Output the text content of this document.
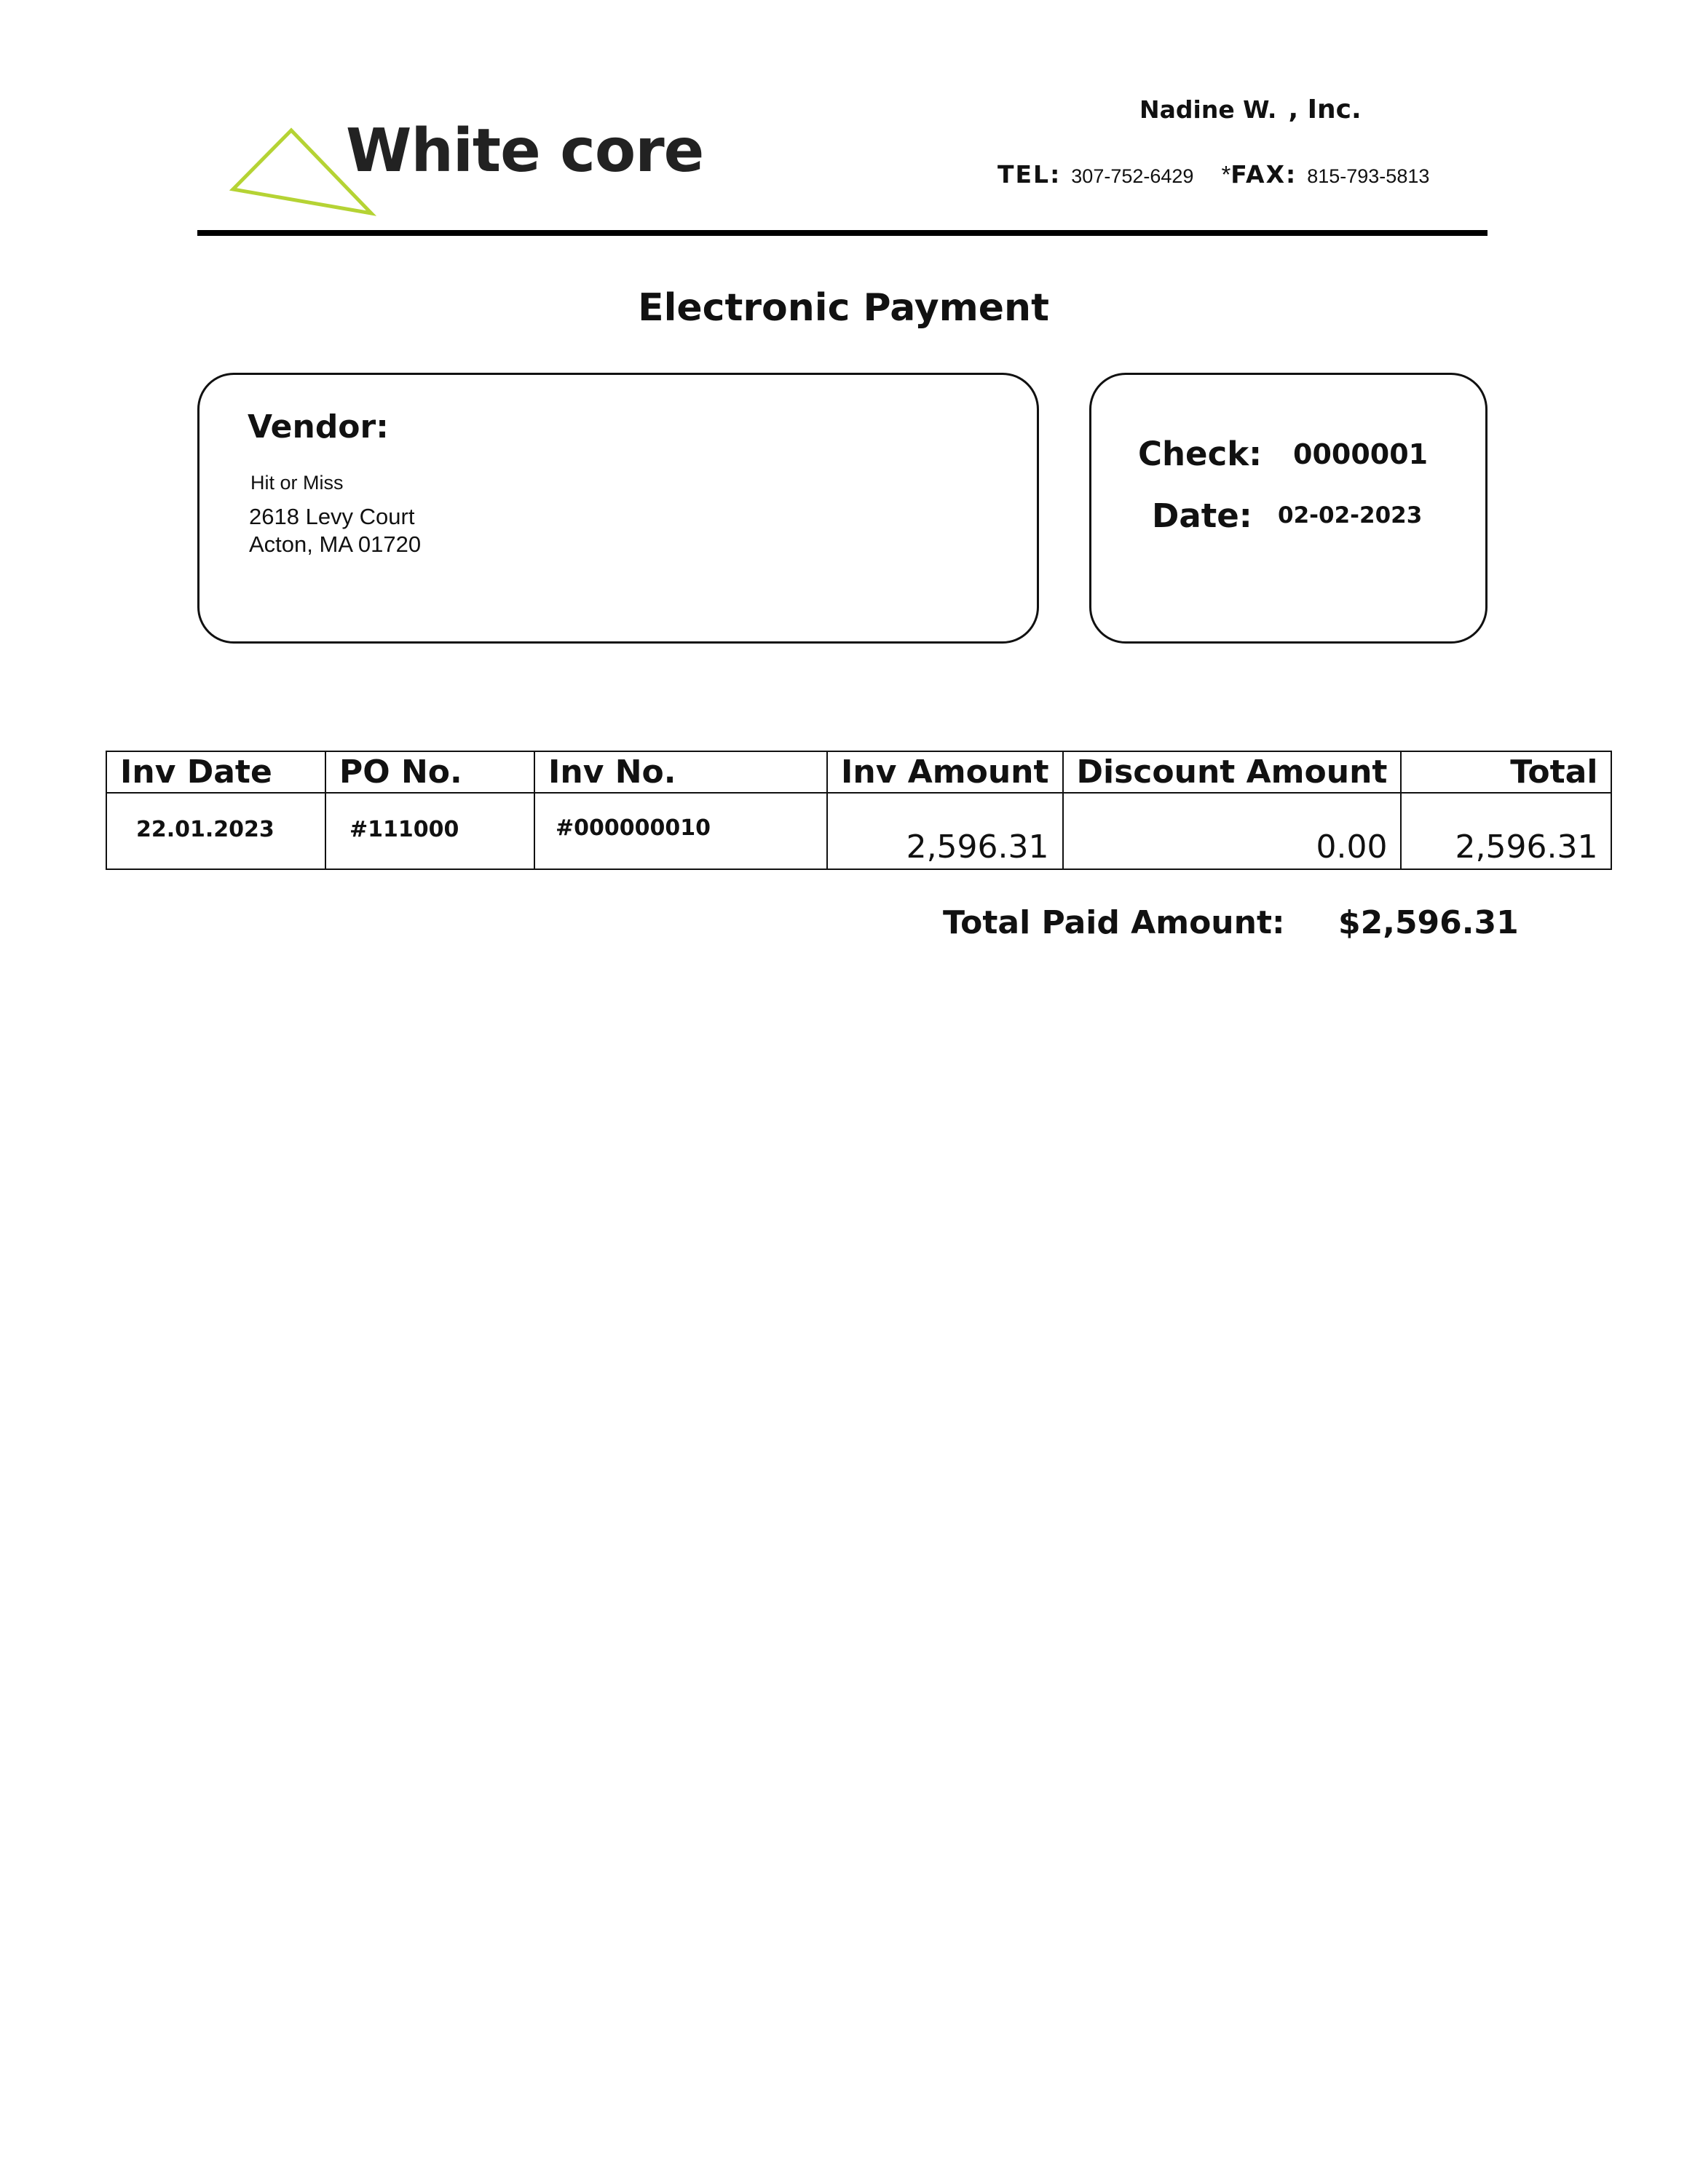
White core
Nadine W. , Inc.
TEL: 307-752-6429 *FAX: 815-793-5813
Electronic Payment
Vendor:
Hit or Miss
2618 Levy Court
Acton, MA 01720
Check: 0000001
Date: 02-02-2023
Inv Date	PO No.	Inv No.	Inv Amount	Discount Amount	Total

22.01.2023	#111000	#000000010	2,596.31	0.00	2,596.31
Total Paid Amount: $2,596.31
